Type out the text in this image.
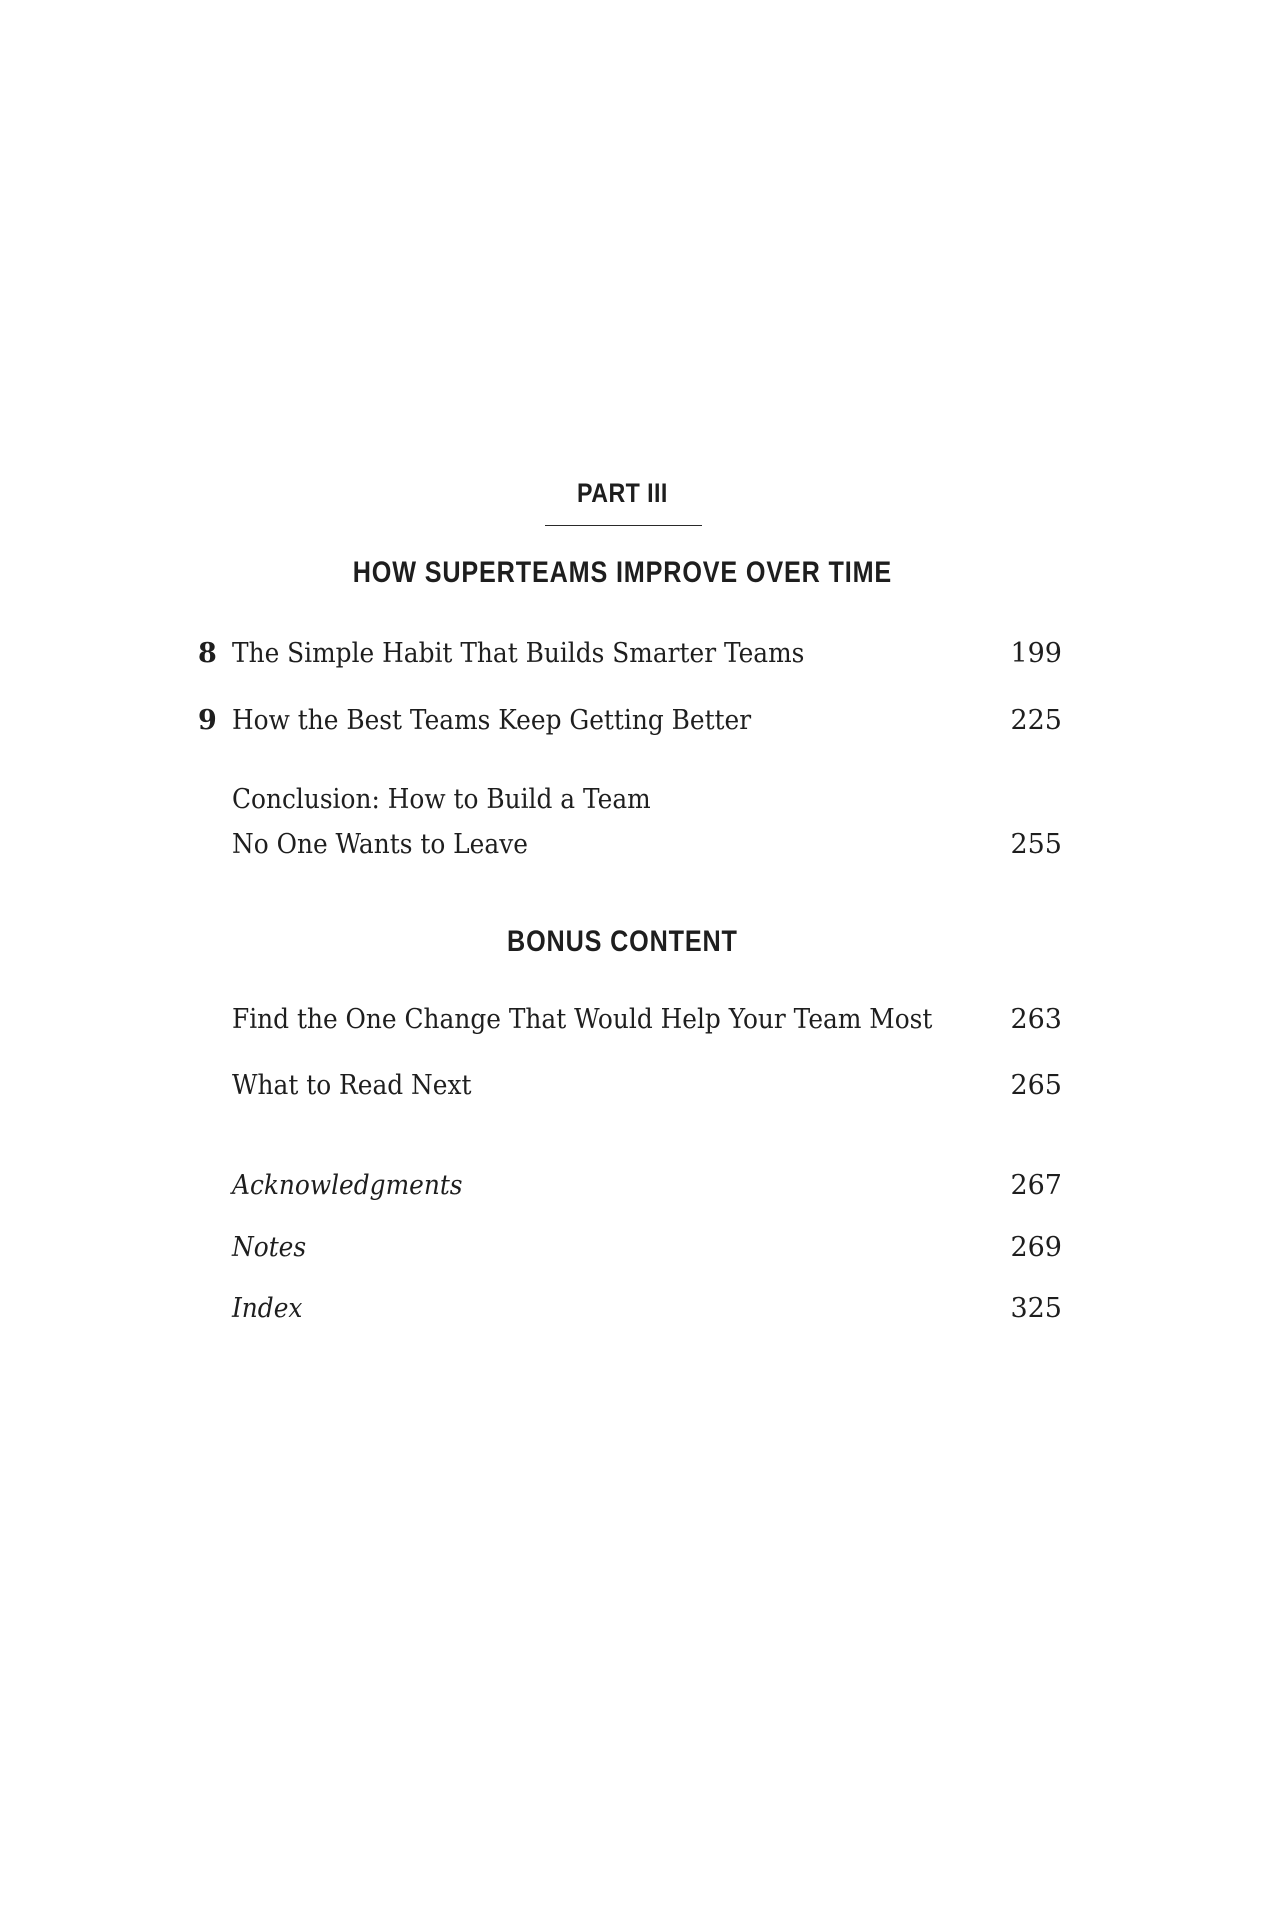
PART III
HOW SUPERTEAMS IMPROVE OVER TIME
8 The Simple Habit That Builds Smarter Teams	199
9 How the Best Teams Keep Getting Better	225
Conclusion: How to Build a Team
No One Wants to Leave	255
BONUS CONTENT
Find the One Change That Would Help Your Team Most	263
What to Read Next	265
Acknowledgments	267
Notes	269
Index	325
